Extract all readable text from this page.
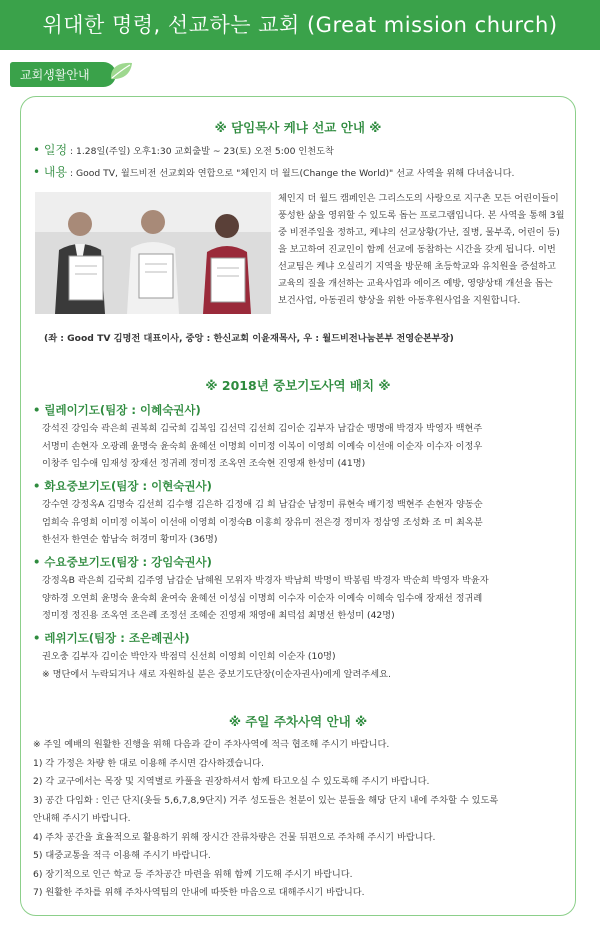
위대한 명령, 선교하는 교회 (Great mission church)
교회생활안내
※ 담임목사 케냐 선교 안내 ※
• 일정 : 1.28일(주일) 오후1:30 교회출발 ~ 23(토) 오전 5:00 인천도착
• 내용 : Good TV, 월드비전 선교회와 연합으로 "체인지 더 월드(Change the World)" 선교 사역을 위해 다녀옵니다.
체인지 더 월드 캠페인은 그리스도의 사랑으로 지구촌 모든 어린이들이
풍성한 삶을 영위할 수 있도록 돕는 프로그램입니다. 본 사역을 통해 3월
중 비전주일을 정하고, 케냐의 선교상황(가난, 질병, 물부족, 어린이 등)
을 보고하여 진교인이 함께 선교에 동참하는 시간을 갖게 됩니다. 이번
선교팀은 케냐 오실리기 지역을 방문해 초등학교와 유치원을 증설하고
교육의 질을 개선하는 교육사업과 에이즈 예방, 영양상태 개선을 돕는
보건사업, 아동권리 향상을 위한 아동후원사업을 지원합니다.
(좌 : Good TV 김명전 대표이사, 중앙 : 한신교회 이윤재목사, 우 : 월드비전나눔본부 전영순본부장)
※ 2018년 중보기도사역 배치 ※
• 릴레이기도(팀장 : 이혜숙권사)
강석진 강임숙 곽은희 권복희 김국희 김복임 김선덕 김선희 김이순 김부자 남갑순 맹명애 박경자 박영자 백현주
서명미 손현자 오광례 윤명숙 윤숙희 윤혜선 이명희 이미정 이복이 이영희 이예숙 이선애 이순자 이수자 이정우
이창주 임수애 임재성 장재선 정귀례 정미정 조옥연 조숙현 진영재 한성미 (41명)
• 화요중보기도(팀장 : 이현숙권사)
강수연 강정옥A 김명숙 김선희 김수행 김은하 김정애 김 희 남갑순 남정미 류현숙 배기정 백현주 손현자 양동순
엄희숙 유영희 이미정 이복이 이선애 이영희 이정숙B 이홍희 장유미 전은경 정미자 정삼영 조성화 조 미 최옥분
한선자 한연순 함남숙 허경미 황미자 (36명)
• 수요중보기도(팀장 : 강임숙권사)
강정옥B 곽은희 김국희 김주영 남갑순 남혜원 모위자 박경자 박남희 박명이 박봉림 박경자 박순희 박영자 박윤자
양하경 오연희 윤명숙 윤숙희 윤여숙 윤혜선 이성심 이명희 이수자 이순자 이예숙 이혜숙 임수애 장재선 정귀례
정미정 정진용 조옥연 조은례 조정선 조혜순 진영재 채영애 최덕섭 최명선 한성미 (42명)
• 레위기도(팀장 : 조은례권사)
권오충 김부자 김이순 박안자 박점덕 신선희 이영희 이인희 이순자 (10명)
※ 명단에서 누락되거나 새로 자원하실 분은 중보기도단장(이순자권사)에게 알려주세요.
※ 주일 주차사역 안내 ※
※ 주일 예배의 원활한 진행을 위해 다음과 같이 주차사역에 적극 협조해 주시기 바랍니다.
1) 각 가정은 차량 한 대로 이용해 주시면 감사하겠습니다.
2) 각 교구에서는 목장 및 지역별로 카풀을 권장하셔서 함께 타고오실 수 있도록해 주시기 바랍니다.
3) 공간 다임화 : 인근 단지(옷들 5,6,7,8,9단지) 거주 성도들은 천분이 있는 분들을 해당 단지 내에 주차할 수 있도록
안내해 주시기 바랍니다.
4) 주차 공간을 효율적으로 활용하기 위해 장시간 잔류차량은 건물 뒤편으로 주차해 주시기 바랍니다.
5) 대중교통을 적극 이용해 주시기 바랍니다.
6) 장기적으로 인근 학교 등 주차공간 마련을 위해 함께 기도해 주시기 바랍니다.
7) 원활한 주차를 위해 주차사역팀의 안내에 따뜻한 마음으로 대해주시기 바랍니다.
